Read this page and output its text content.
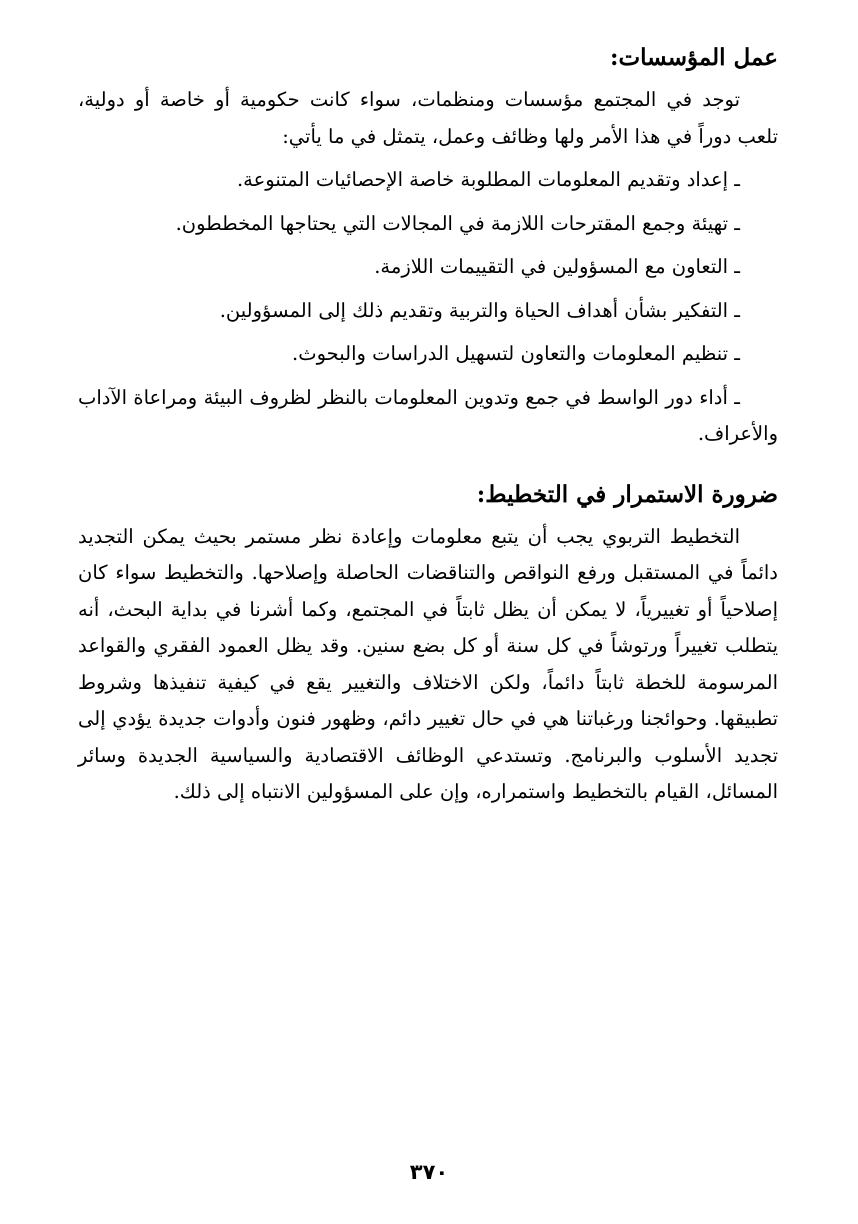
عمل المؤسسات:

توجد في المجتمع مؤسسات ومنظمات، سواء كانت حكومية أو خاصة أو دولية، تلعب دوراً في هذا الأمر ولها وظائف وعمل، يتمثل في ما يأتي:

ـ إعداد وتقديم المعلومات المطلوبة خاصة الإحصائيات المتنوعة.

ـ تهيئة وجمع المقترحات اللازمة في المجالات التي يحتاجها المخططون.

ـ التعاون مع المسؤولين في التقييمات اللازمة.

ـ التفكير بشأن أهداف الحياة والتربية وتقديم ذلك إلى المسؤولين.

ـ تنظيم المعلومات والتعاون لتسهيل الدراسات والبحوث.

ـ أداء دور الواسط في جمع وتدوين المعلومات بالنظر لظروف البيئة ومراعاة الآداب والأعراف.

ضرورة الاستمرار في التخطيط:

التخطيط التربوي يجب أن يتبع معلومات وإعادة نظر مستمر بحيث يمكن التجديد دائماً في المستقبل ورفع النواقص والتناقضات الحاصلة وإصلاحها. والتخطيط سواء كان إصلاحياً أو تغييرياً، لا يمكن أن يظل ثابتاً في المجتمع، وكما أشرنا في بداية البحث، أنه يتطلب تغييراً ورتوشاً في كل سنة أو كل بضع سنين. وقد يظل العمود الفقري والقواعد المرسومة للخطة ثابتاً دائماً، ولكن الاختلاف والتغيير يقع في كيفية تنفيذها وشروط تطبيقها. وحوائجنا ورغباتنا هي في حال تغيير دائم، وظهور فنون وأدوات جديدة يؤدي إلى تجديد الأسلوب والبرنامج. وتستدعي الوظائف الاقتصادية والسياسية الجديدة وسائر المسائل، القيام بالتخطيط واستمراره، وإن على المسؤولين الانتباه إلى ذلك.

٣٧٠
